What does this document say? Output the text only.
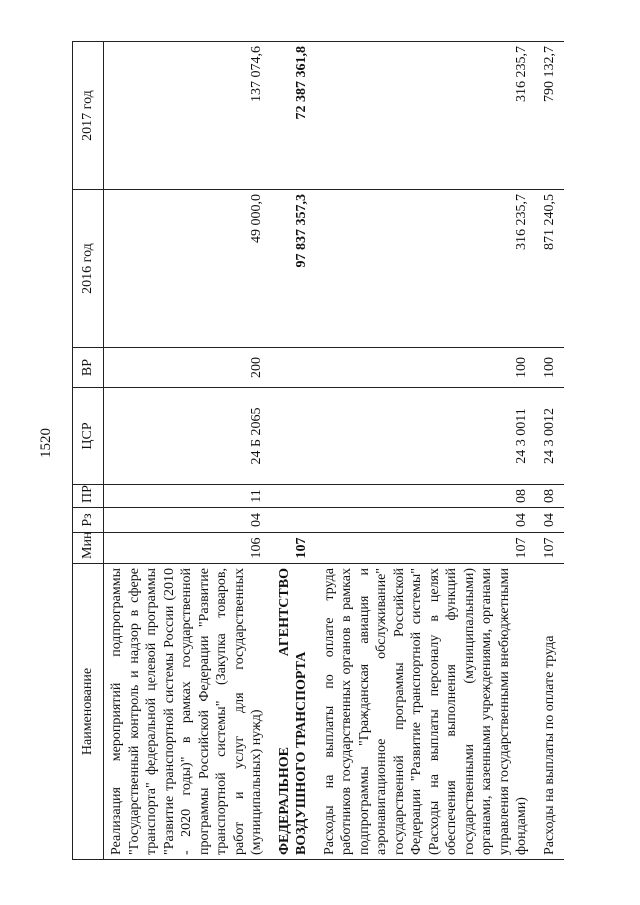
1520
Наименование	Мин	Рз	ПР	ЦСР	ВР	2016 год	2017 год
Реализация мероприятий подпрограммы "Государственный контроль и надзор в сфере транспорта" федеральной целевой программы "Развитие транспортной системы России (2010 - 2020 годы)" в рамках государственной программы Российской Федерации "Развитие транспортной системы" (Закупка товаров, работ и услуг для государственных (муниципальных) нужд)	106	04	11	24 Б 2065	200	49 000,0	137 074,6
ФЕДЕРАЛЬНОЕ АГЕНТСТВО ВОЗДУШНОГО ТРАНСПОРТА	107					97 837 357,3	72 387 361,8
Расходы на выплаты по оплате труда работников государственных органов в рамках подпрограммы "Гражданская авиация и аэронавигационное обслуживание" государственной программы Российской Федерации "Развитие транспортной системы" (Расходы на выплаты персоналу в целях обеспечения выполнения функций государственными (муниципальными) органами, казенными учреждениями, органами управления государственными внебюджетными фондами)	107	04	08	24 3 0011	100	316 235,7	316 235,7
Расходы на выплаты по оплате труда	107	04	08	24 3 0012	100	871 240,5	790 132,7
